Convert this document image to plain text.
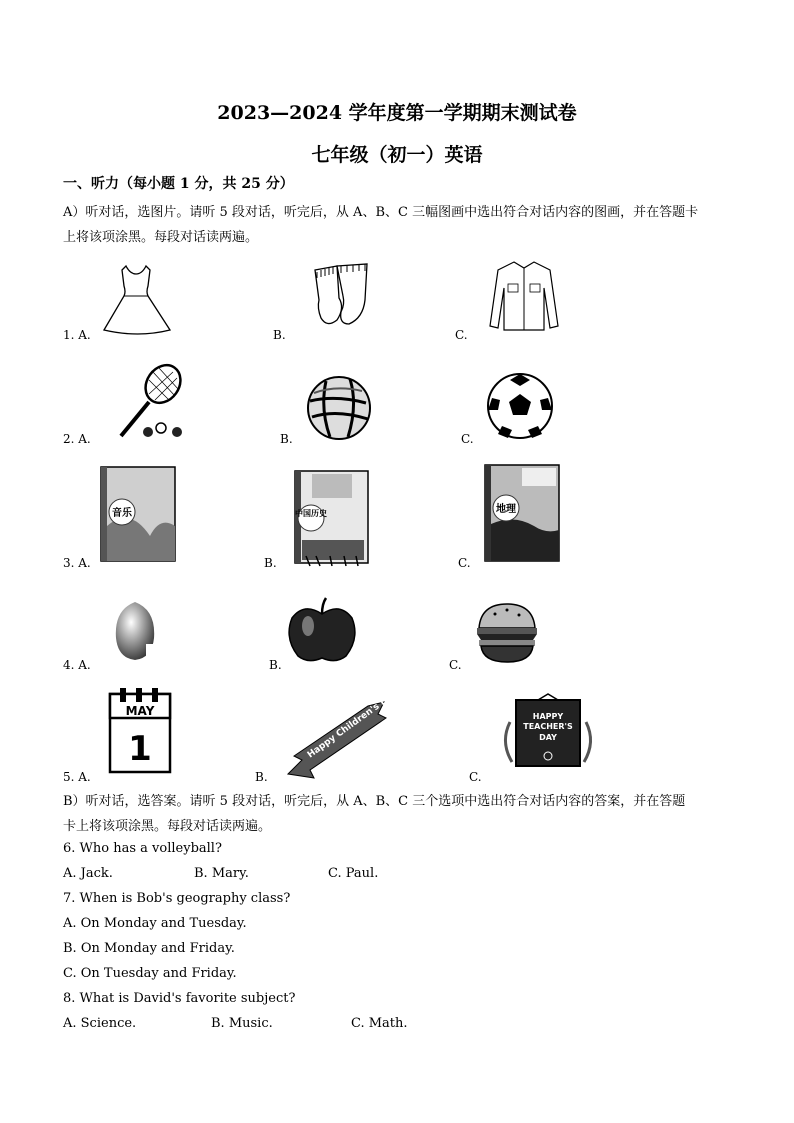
2023—2024 学年度第一学期期末测试卷
七年级（初一）英语
一、听力（每小题 1 分，共 25 分）
A）听对话，选图片。请听 5 段对话，听完后，从 A、B、C 三幅图画中选出符合对话内容的图画，并在答题卡
上将该项涂黑。每段对话读两遍。
1. A.	B.	C.
2. A.	B.	C.
3. A.	B.	C.
音乐	中国历史	地理
4. A.	B.	C.
5. A.	B.	C.
MAY
1	Happy Children's Day!	HAPPY TEACHER'S DAY
B）听对话，选答案。请听 5 段对话，听完后，从 A、B、C 三个选项中选出符合对话内容的答案，并在答题
卡上将该项涂黑。每段对话读两遍。
6. Who has a volleyball?
A. Jack.	B. Mary.	C. Paul.
7. When is Bob's geography class?
A. On Monday and Tuesday.
B. On Monday and Friday.
C. On Tuesday and Friday.
8. What is David's favorite subject?
A. Science.	B. Music.	C. Math.
